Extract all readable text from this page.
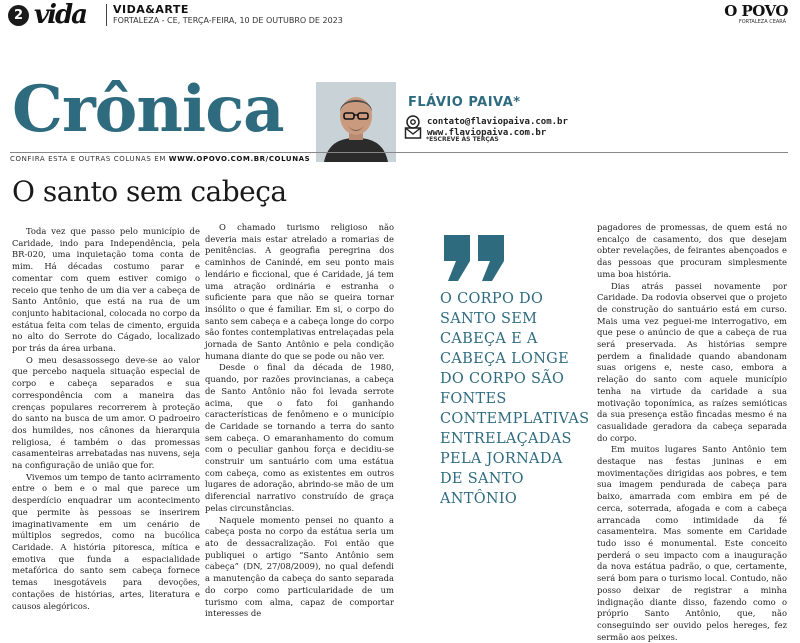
2 vida VIDA&ARTE
FORTALEZA - CE, TERÇA-FEIRA, 10 DE OUTUBRO DE 2023
O POVO
FORTALEZA CEARÁ
Crônica	FLÁVIO PAIVA*
contato@flaviopaiva.com.br
www.flaviopaiva.com.br
*ESCREVE ÀS TERÇAS
CONFIRA ESTA E OUTRAS COLUNAS EM WWW.OPOVO.COM.BR/COLUNAS
O santo sem cabeça

Toda vez que passo pelo município de Caridade, indo para Independência, pela BR-020, uma inquietação toma conta de mim. Há décadas costumo parar e comentar com quem estiver comigo o receio que tenho de um dia ver a cabeça de Santo Antônio, que está na rua de um conjunto habitacional, colocada no corpo da estátua feita com telas de cimento, erguida no alto do Serrote do Cágado, localizado por trás da área urbana.

O meu desassossego deve-se ao valor que percebo naquela situação especial de corpo e cabeça separados e sua correspondência com a maneira das crenças populares recorrerem à proteção do santo na busca de um amor. O padroeiro dos humildes, nos cânones da hierarquia religiosa, é também o das promessas casamenteiras arrebatadas nas nuvens, seja na configuração de união que for.

Vivemos um tempo de tanto acirramento entre o bem e o mal que parece um desperdício enquadrar um acontecimento que permite às pessoas se inserirem imaginativamente em um cenário de múltiplos segredos, como na bucólica Caridade. A história pitoresca, mítica e emotiva que funda a espacialidade metafórica do santo sem cabeça fornece temas inesgotáveis para devoções, contações de histórias, artes, literatura e causos alegóricos.

O chamado turismo religioso não deveria mais estar atrelado a romarias de penitências. A geografia peregrina dos caminhos de Canindé, em seu ponto mais lendário e ficcional, que é Caridade, já tem uma atração ordinária e estranha o suficiente para que não se queira tornar insólito o que é familiar. Em si, o corpo do santo sem cabeça e a cabeça longe do corpo são fontes contemplativas entrelaçadas pela jornada de Santo Antônio e pela condição humana diante do que se pode ou não ver.

Desde o final da década de 1980, quando, por razões provincianas, a cabeça de Santo Antônio não foi levada serrote acima, que o fato foi ganhando características de fenômeno e o município de Caridade se tornando a terra do santo sem cabeça. O emaranhamento do comum com o peculiar ganhou força e decidiu-se construir um santuário com uma estátua com cabeça, como as existentes em outros lugares de adoração, abrindo-se mão de um diferencial narrativo construído de graça pelas circunstâncias.

Naquele momento pensei no quanto a cabeça posta no corpo da estátua seria um ato de dessacralização. Foi então que publiquei o artigo “Santo Antônio sem cabeça” (DN, 27/08/2009), no qual defendi a manutenção da cabeça do santo separada do corpo como particularidade de um turismo com alma, capaz de comportar interesses de

O CORPO DO SANTO SEM CABEÇA E A CABEÇA LONGE DO CORPO SÃO FONTES CONTEMPLATIVAS ENTRELAÇADAS PELA JORNADA DE SANTO ANTÔNIO

pagadores de promessas, de quem está no encalço de casamento, dos que desejam obter revelações, de feirantes abençoados e das pessoas que procuram simplesmente uma boa história.

Dias atrás passei novamente por Caridade. Da rodovia observei que o projeto de construção do santuário está em curso. Mais uma vez peguei-me interrogativo, em que pese o anúncio de que a cabeça de rua será preservada. As histórias sempre perdem a finalidade quando abandonam suas origens e, neste caso, embora a relação do santo com aquele município tenha na virtude da caridade a sua motivação toponímica, as raízes semióticas da sua presença estão fincadas mesmo é na casualidade geradora da cabeça separada do corpo.

Em muitos lugares Santo Antônio tem destaque nas festas juninas e em movimentações dirigidas aos pobres, e tem sua imagem pendurada de cabeça para baixo, amarrada com embira em pé de cerca, soterrada, afogada e com a cabeça arrancada como intimidade da fé casamenteira. Mas somente em Caridade tudo isso é monumental. Este conceito perderá o seu impacto com a inauguração da nova estátua padrão, o que, certamente, será bom para o turismo local. Contudo, não posso deixar de registrar a minha indignação diante disso, fazendo como o próprio Santo Antônio, que, não conseguindo ser ouvido pelos hereges, fez sermão aos peixes.
